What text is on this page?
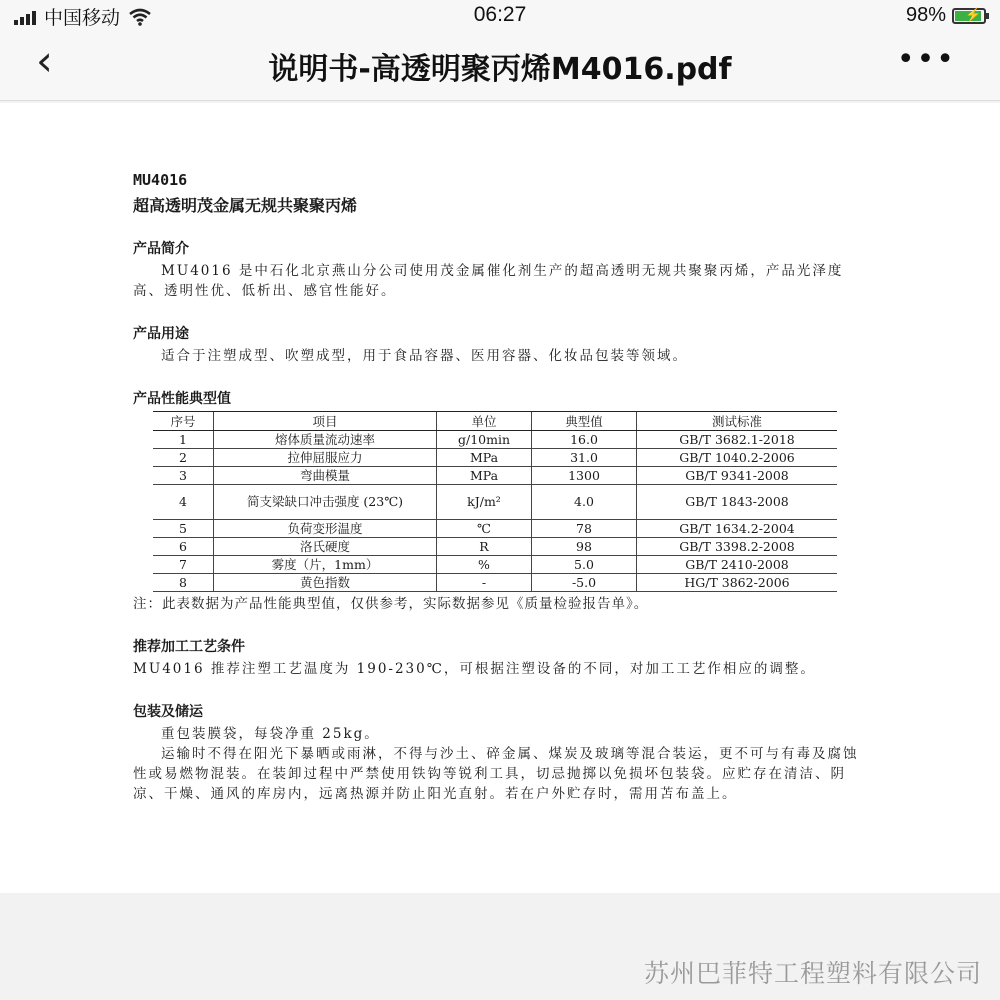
中国移动	06:27	98% ⚡
‹	说明书-高透明聚丙烯M4016.pdf	•••
MU4016
超高透明茂金属无规共聚聚丙烯
产品简介

MU4016 是中石化北京燕山分公司使用茂金属催化剂生产的超高透明无规共聚聚丙烯，产品光泽度高、透明性优、低析出、感官性能好。

产品用途

适合于注塑成型、吹塑成型，用于食品容器、医用容器、化妆品包装等领域。

产品性能典型值
序号	项目	单位	典型值	测试标准
1	熔体质量流动速率	g/10min	16.0	GB/T 3682.1-2018
2	拉伸屈服应力	MPa	31.0	GB/T 1040.2-2006
3	弯曲模量	MPa	1300	GB/T 9341-2008
4	简支梁缺口冲击强度 (23℃)	kJ/m²	4.0	GB/T 1843-2008
5	负荷变形温度	℃	78	GB/T 1634.2-2004
6	洛氏硬度	R	98	GB/T 3398.2-2008
7	雾度（片，1mm）	%	5.0	GB/T 2410-2008
8	黄色指数	-	-5.0	HG/T 3862-2006

注：此表数据为产品性能典型值，仅供参考，实际数据参见《质量检验报告单》。

推荐加工工艺条件

MU4016 推荐注塑工艺温度为 190-230℃，可根据注塑设备的不同，对加工工艺作相应的调整。

包装及储运

重包装膜袋，每袋净重 25kg。

运输时不得在阳光下暴晒或雨淋，不得与沙土、碎金属、煤炭及玻璃等混合装运，更不可与有毒及腐蚀性或易燃物混装。在装卸过程中严禁使用铁钩等锐利工具，切忌抛掷以免损坏包装袋。应贮存在清洁、阴凉、干燥、通风的库房内，远离热源并防止阳光直射。若在户外贮存时，需用苫布盖上。

苏州巴菲特工程塑料有限公司
